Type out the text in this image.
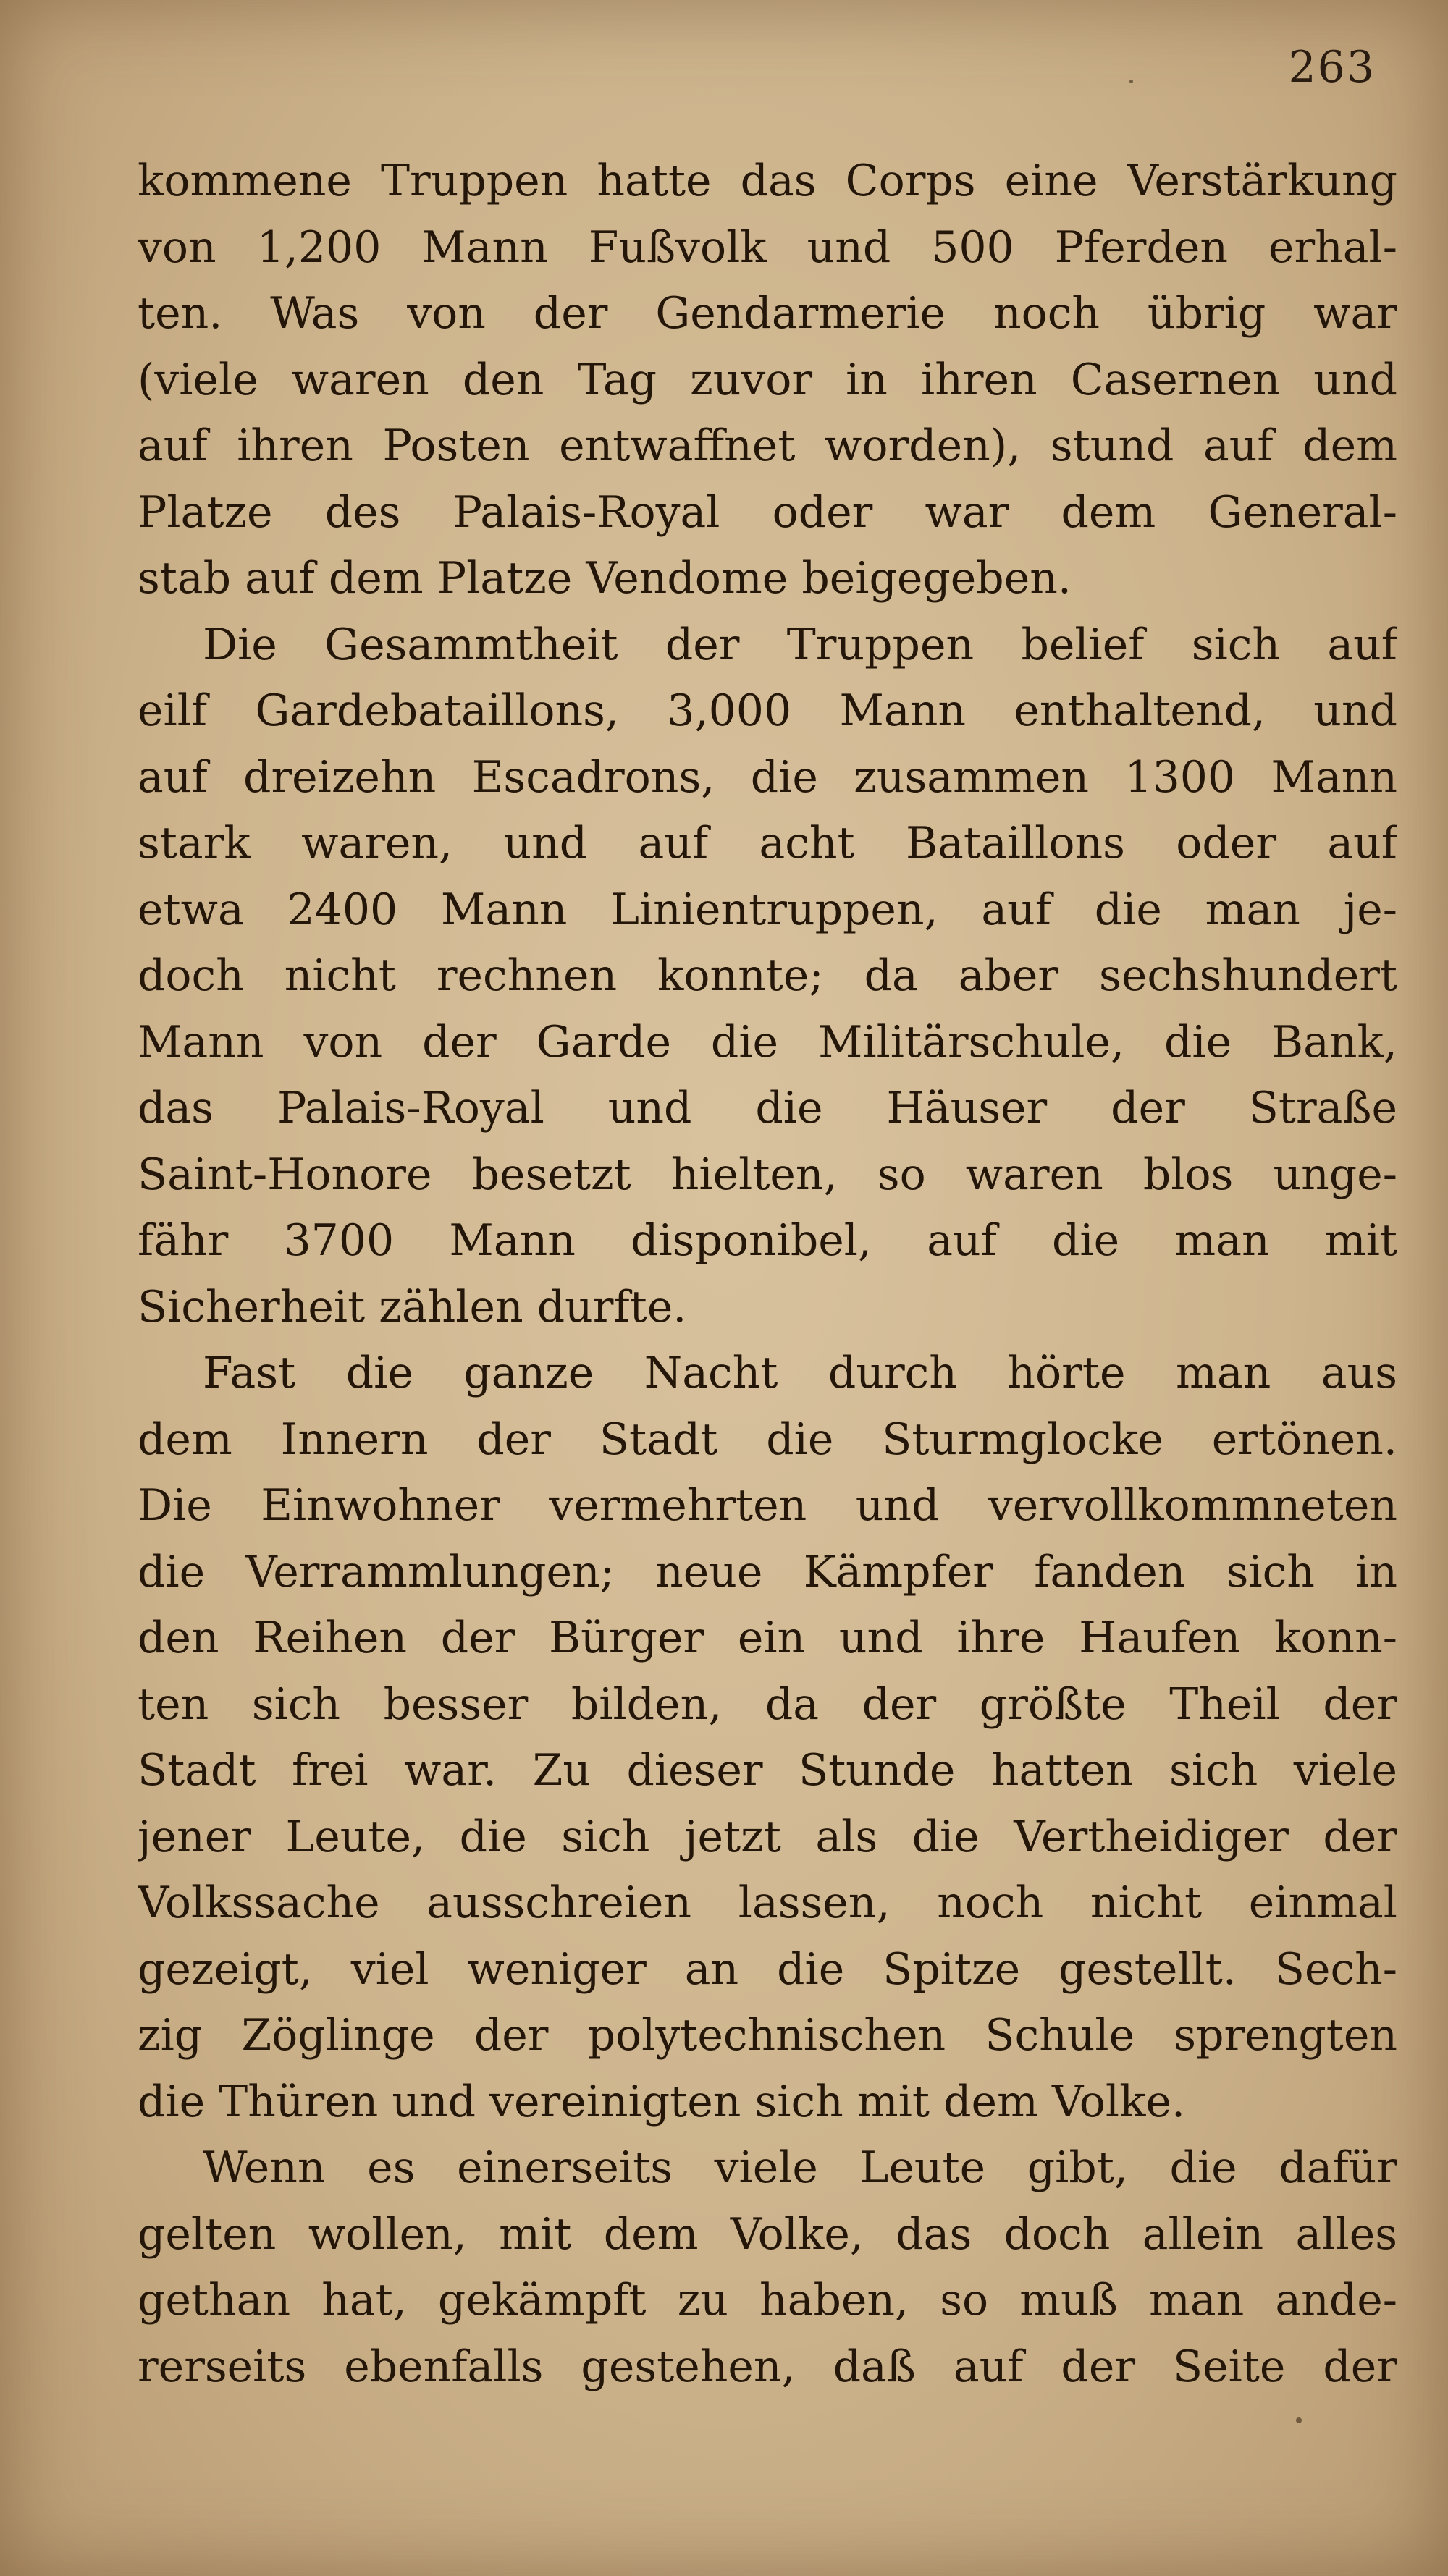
263
kommene Truppen hatte das Corps eine Verstärkung
von 1,200 Mann Fußvolk und 500 Pferden erhal-
ten. Was von der Gendarmerie noch übrig war
(viele waren den Tag zuvor in ihren Casernen und
auf ihren Posten entwaffnet worden), stund auf dem
Platze des Palais-Royal oder war dem General-
stab auf dem Platze Vendome beigegeben.
Die Gesammtheit der Truppen belief sich auf
eilf Gardebataillons, 3,000 Mann enthaltend, und
auf dreizehn Escadrons, die zusammen 1300 Mann
stark waren, und auf acht Bataillons oder auf
etwa 2400 Mann Linientruppen, auf die man je-
doch nicht rechnen konnte; da aber sechshundert
Mann von der Garde die Militärschule, die Bank,
das Palais-Royal und die Häuser der Straße
Saint-Honore besetzt hielten, so waren blos unge-
fähr 3700 Mann disponibel, auf die man mit
Sicherheit zählen durfte.
Fast die ganze Nacht durch hörte man aus
dem Innern der Stadt die Sturmglocke ertönen.
Die Einwohner vermehrten und vervollkommneten
die Verrammlungen; neue Kämpfer fanden sich in
den Reihen der Bürger ein und ihre Haufen konn-
ten sich besser bilden, da der größte Theil der
Stadt frei war. Zu dieser Stunde hatten sich viele
jener Leute, die sich jetzt als die Vertheidiger der
Volkssache ausschreien lassen, noch nicht einmal
gezeigt, viel weniger an die Spitze gestellt. Sech-
zig Zöglinge der polytechnischen Schule sprengten
die Thüren und vereinigten sich mit dem Volke.
Wenn es einerseits viele Leute gibt, die dafür
gelten wollen, mit dem Volke, das doch allein alles
gethan hat, gekämpft zu haben, so muß man ande-
rerseits ebenfalls gestehen, daß auf der Seite der
